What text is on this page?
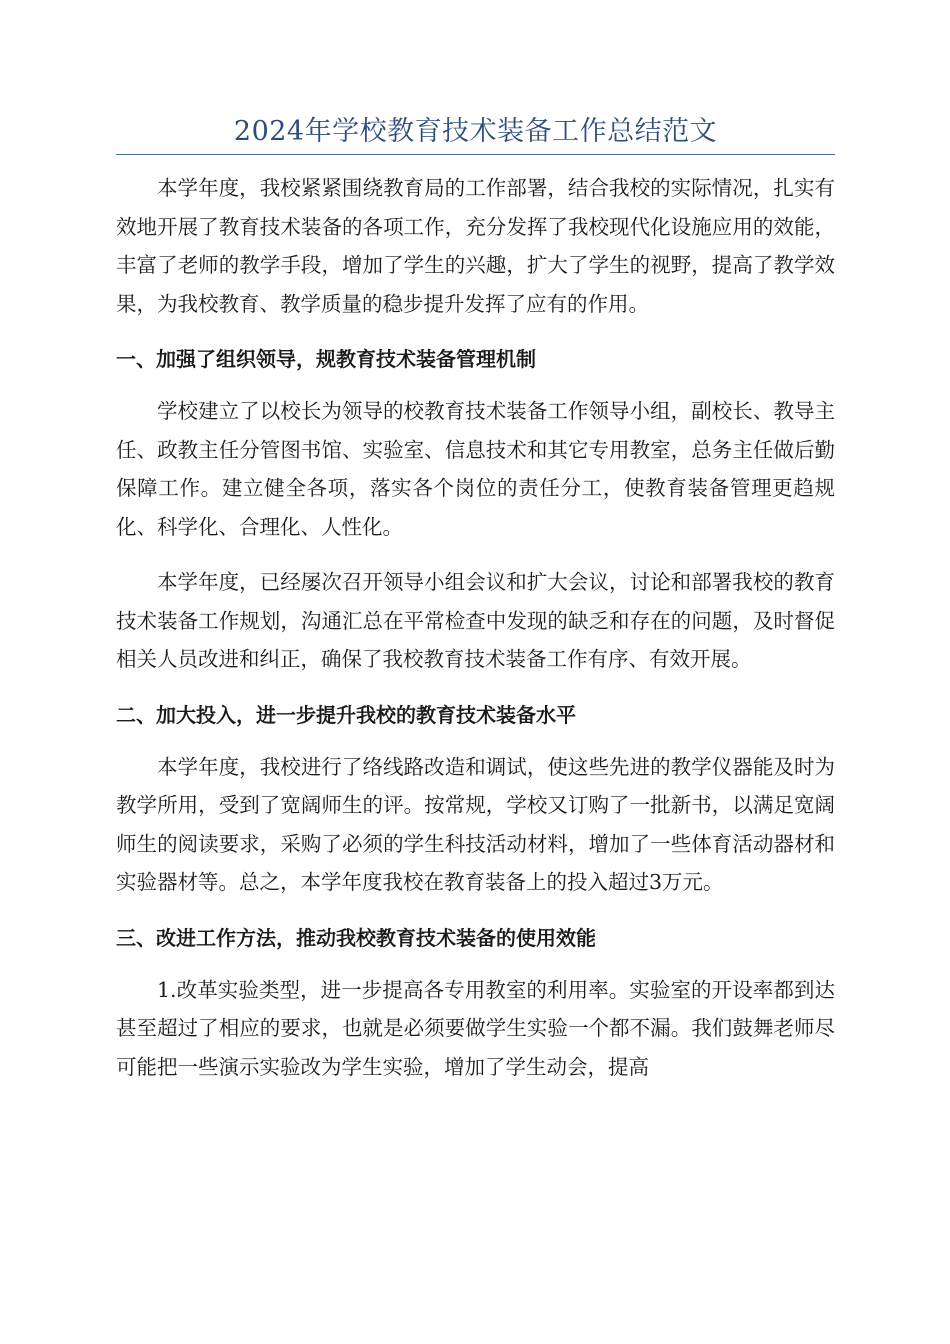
2024年学校教育技术装备工作总结范文

本学年度，我校紧紧围绕教育局的工作部署，结合我校的实际情况，扎实有效地开展了教育技术装备的各项工作，充分发挥了我校现代化设施应用的效能，丰富了老师的教学手段，增加了学生的兴趣，扩大了学生的视野，提高了教学效果，为我校教育、教学质量的稳步提升发挥了应有的作用。

一、加强了组织领导，规教育技术装备管理机制

学校建立了以校长为领导的校教育技术装备工作领导小组，副校长、教导主任、政教主任分管图书馆、实验室、信息技术和其它专用教室，总务主任做后勤保障工作。建立健全各项，落实各个岗位的责任分工，使教育装备管理更趋规化、科学化、合理化、人性化。

本学年度，已经屡次召开领导小组会议和扩大会议，讨论和部署我校的教育技术装备工作规划，沟通汇总在平常检查中发现的缺乏和存在的问题，及时督促相关人员改进和纠正，确保了我校教育技术装备工作有序、有效开展。

二、加大投入，进一步提升我校的教育技术装备水平

本学年度，我校进行了络线路改造和调试，使这些先进的教学仪器能及时为教学所用，受到了宽阔师生的评。按常规，学校又订购了一批新书，以满足宽阔师生的阅读要求，采购了必须的学生科技活动材料，增加了一些体育活动器材和实验器材等。总之，本学年度我校在教育装备上的投入超过3万元。

三、改进工作方法，推动我校教育技术装备的使用效能

1.改革实验类型，进一步提高各专用教室的利用率。实验室的开设率都到达甚至超过了相应的要求，也就是必须要做学生实验一个都不漏。我们鼓舞老师尽可能把一些演示实验改为学生实验，增加了学生动会，提高
